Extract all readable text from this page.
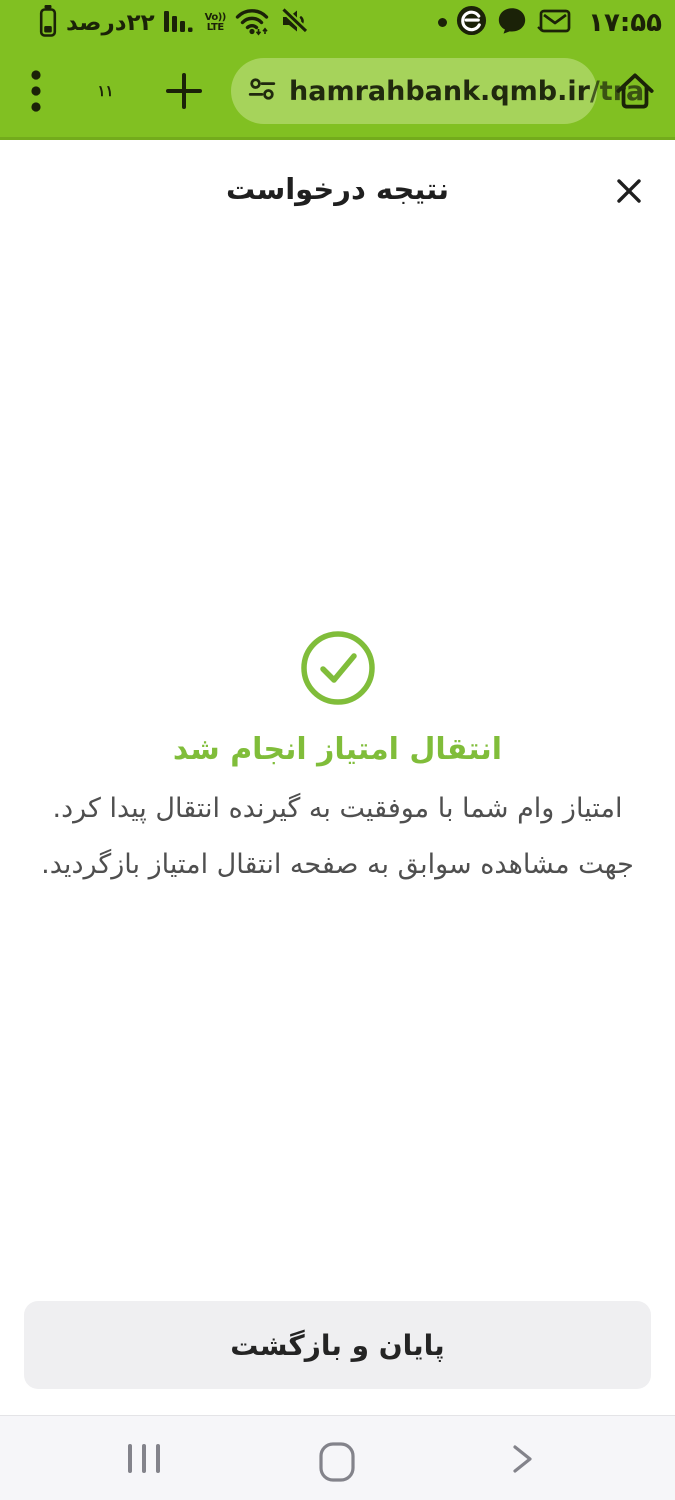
۲۲درصد	Vo))
LTE	۱۷:۵۵
۱۱	hamrahbank.qmb.ir/tra
نتیجه درخواست
انتقال امتیاز انجام شد

امتیاز وام شما با موفقیت به گیرنده انتقال پیدا کرد. جهت مشاهده سوابق به صفحه انتقال امتیاز بازگردید.

پایان و بازگشت
